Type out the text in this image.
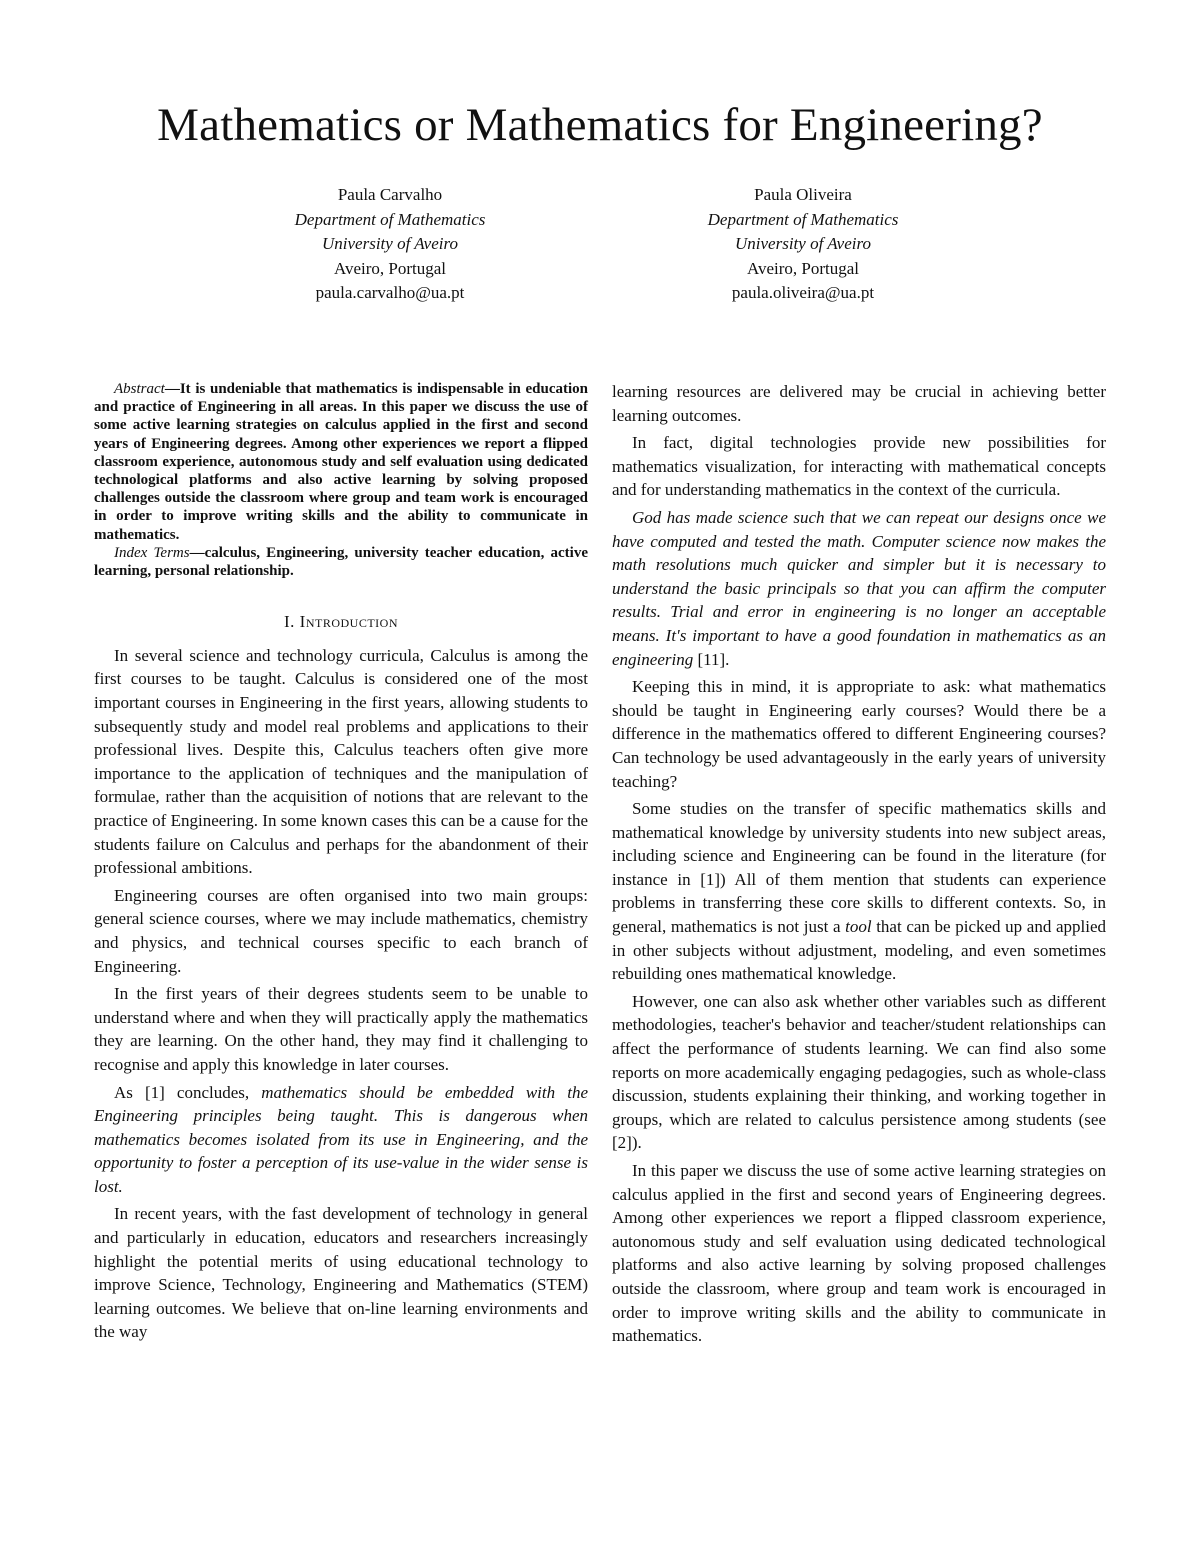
Mathematics or Mathematics for Engineering?
Paula Carvalho
Department of Mathematics
University of Aveiro
Aveiro, Portugal
paula.carvalho@ua.pt
Paula Oliveira
Department of Mathematics
University of Aveiro
Aveiro, Portugal
paula.oliveira@ua.pt

Abstract—It is undeniable that mathematics is indispensable in education and practice of Engineering in all areas. In this paper we discuss the use of some active learning strategies on calculus applied in the first and second years of Engineering degrees. Among other experiences we report a flipped classroom experience, autonomous study and self evaluation using dedicated technological platforms and also active learning by solving proposed challenges outside the classroom where group and team work is encouraged in order to improve writing skills and the ability to communicate in mathematics.

Index Terms—calculus, Engineering, university teacher education, active learning, personal relationship.

I. Introduction

In several science and technology curricula, Calculus is among the first courses to be taught. Calculus is considered one of the most important courses in Engineering in the first years, allowing students to subsequently study and model real problems and applications to their professional lives. Despite this, Calculus teachers often give more importance to the application of techniques and the manipulation of formulae, rather than the acquisition of notions that are relevant to the practice of Engineering. In some known cases this can be a cause for the students failure on Calculus and perhaps for the abandonment of their professional ambitions.

Engineering courses are often organised into two main groups: general science courses, where we may include mathematics, chemistry and physics, and technical courses specific to each branch of Engineering.

In the first years of their degrees students seem to be unable to understand where and when they will practically apply the mathematics they are learning. On the other hand, they may find it challenging to recognise and apply this knowledge in later courses.

As [1] concludes, mathematics should be embedded with the Engineering principles being taught. This is dangerous when mathematics becomes isolated from its use in Engineering, and the opportunity to foster a perception of its use-value in the wider sense is lost.

In recent years, with the fast development of technology in general and particularly in education, educators and researchers increasingly highlight the potential merits of using educational technology to improve Science, Technology, Engineering and Mathematics (STEM) learning outcomes. We believe that on-line learning environments and the way

learning resources are delivered may be crucial in achieving better learning outcomes.

In fact, digital technologies provide new possibilities for mathematics visualization, for interacting with mathematical concepts and for understanding mathematics in the context of the curricula.

God has made science such that we can repeat our designs once we have computed and tested the math. Computer science now makes the math resolutions much quicker and simpler but it is necessary to understand the basic principals so that you can affirm the computer results. Trial and error in engineering is no longer an acceptable means. It's important to have a good foundation in mathematics as an engineering [11].

Keeping this in mind, it is appropriate to ask: what mathematics should be taught in Engineering early courses? Would there be a difference in the mathematics offered to different Engineering courses? Can technology be used advantageously in the early years of university teaching?

Some studies on the transfer of specific mathematics skills and mathematical knowledge by university students into new subject areas, including science and Engineering can be found in the literature (for instance in [1]) All of them mention that students can experience problems in transferring these core skills to different contexts. So, in general, mathematics is not just a tool that can be picked up and applied in other subjects without adjustment, modeling, and even sometimes rebuilding ones mathematical knowledge.

However, one can also ask whether other variables such as different methodologies, teacher's behavior and teacher/student relationships can affect the performance of students learning. We can find also some reports on more academically engaging pedagogies, such as whole-class discussion, students explaining their thinking, and working together in groups, which are related to calculus persistence among students (see [2]).

In this paper we discuss the use of some active learning strategies on calculus applied in the first and second years of Engineering degrees. Among other experiences we report a flipped classroom experience, autonomous study and self evaluation using dedicated technological platforms and also active learning by solving proposed challenges outside the classroom, where group and team work is encouraged in order to improve writing skills and the ability to communicate in mathematics.
